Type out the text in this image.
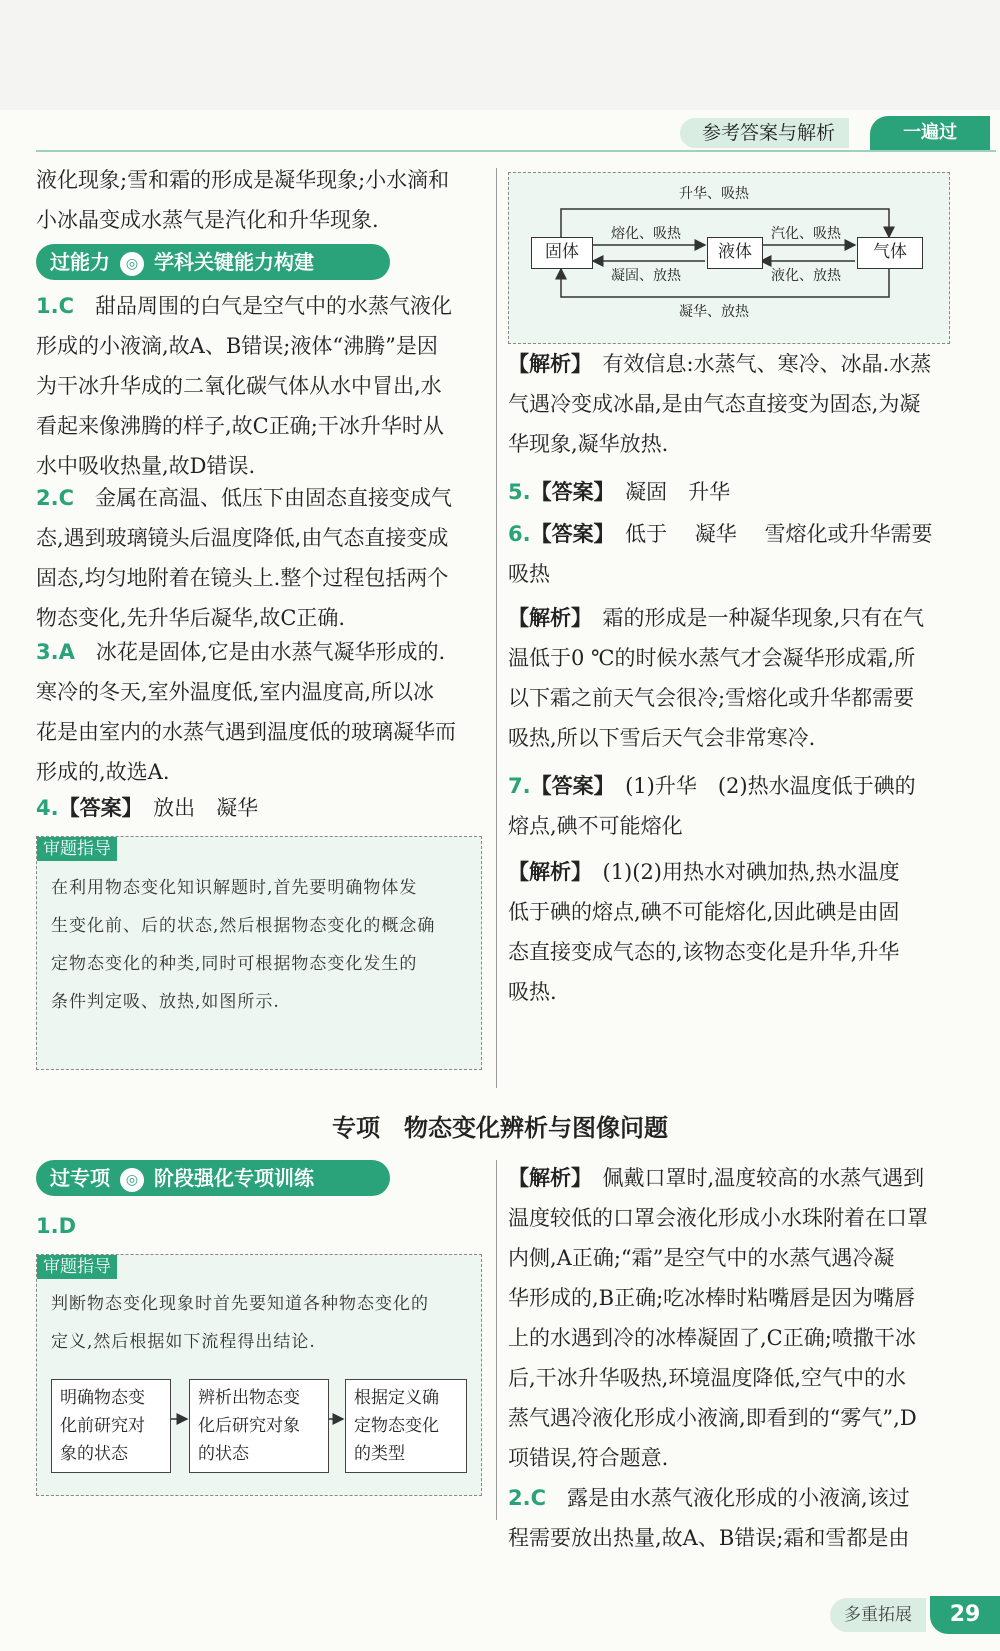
参考答案与解析	一遍过

液化现象;雪和霜的形成是凝华现象;小水滴和

小冰晶变成水蒸气是汽化和升华现象.

过能力 ◎ 学科关键能力构建

1.C　 甜品周围的白气是空气中的水蒸气液化

形成的小液滴,故A、B错误;液体“沸腾”是因

为干冰升华成的二氧化碳气体从水中冒出,水

看起来像沸腾的样子,故C正确;干冰升华时从

水中吸收热量,故D错误.

2.C　 金属在高温、低压下由固态直接变成气

态,遇到玻璃镜头后温度降低,由气态直接变成

固态,均匀地附着在镜头上.整个过程包括两个

物态变化,先升华后凝华,故C正确.

3.A　 冰花是固体,它是由水蒸气凝华形成的.

寒冷的冬天,室外温度低,室内温度高,所以冰

花是由室内的水蒸气遇到温度低的玻璃凝华而

形成的,故选A.

4.【答案】　 放出　凝华

审题指导
在利用物态变化知识解题时,首先要明确物体发
生变化前、后的状态,然后根据物态变化的概念确
定物态变化的种类,同时可根据物态变化发生的
条件判定吸、放热,如图所示.
固体	液体	气体
升华、吸热
凝华、放热
熔化、吸热
凝固、放热
汽化、吸热
液化、放热

【解析】　 有效信息:水蒸气、寒冷、冰晶.水蒸

气遇冷变成冰晶,是由气态直接变为固态,为凝

华现象,凝华放热.

5.【答案】　 凝固　升华

6.【答案】　 低于　 凝华　 雪熔化或升华需要

吸热

【解析】　 霜的形成是一种凝华现象,只有在气

温低于0 ℃的时候水蒸气才会凝华形成霜,所

以下霜之前天气会很冷;雪熔化或升华都需要

吸热,所以下雪后天气会非常寒冷.

7.【答案】　 (1)升华　(2)热水温度低于碘的

熔点,碘不可能熔化

【解析】　 (1)(2)用热水对碘加热,热水温度

低于碘的熔点,碘不可能熔化,因此碘是由固

态直接变成气态的,该物态变化是升华,升华

吸热.

专项　物态变化辨析与图像问题
过专项 ◎ 阶段强化专项训练

1.D

审题指导
判断物态变化现象时首先要知道各种物态变化的
定义,然后根据如下流程得出结论.
明确物态变
化前研究对
象的状态
辨析出物态变
化后研究对象
的状态
根据定义确
定物态变化
的类型

【解析】　 佩戴口罩时,温度较高的水蒸气遇到

温度较低的口罩会液化形成小水珠附着在口罩

内侧,A正确;“霜”是空气中的水蒸气遇冷凝

华形成的,B正确;吃冰棒时粘嘴唇是因为嘴唇

上的水遇到冷的冰棒凝固了,C正确;喷撒干冰

后,干冰升华吸热,环境温度降低,空气中的水

蒸气遇冷液化形成小液滴,即看到的“雾气”,D

项错误,符合题意.

2.C　 露是由水蒸气液化形成的小液滴,该过

程需要放出热量,故A、B错误;霜和雪都是由

多重拓展	29
